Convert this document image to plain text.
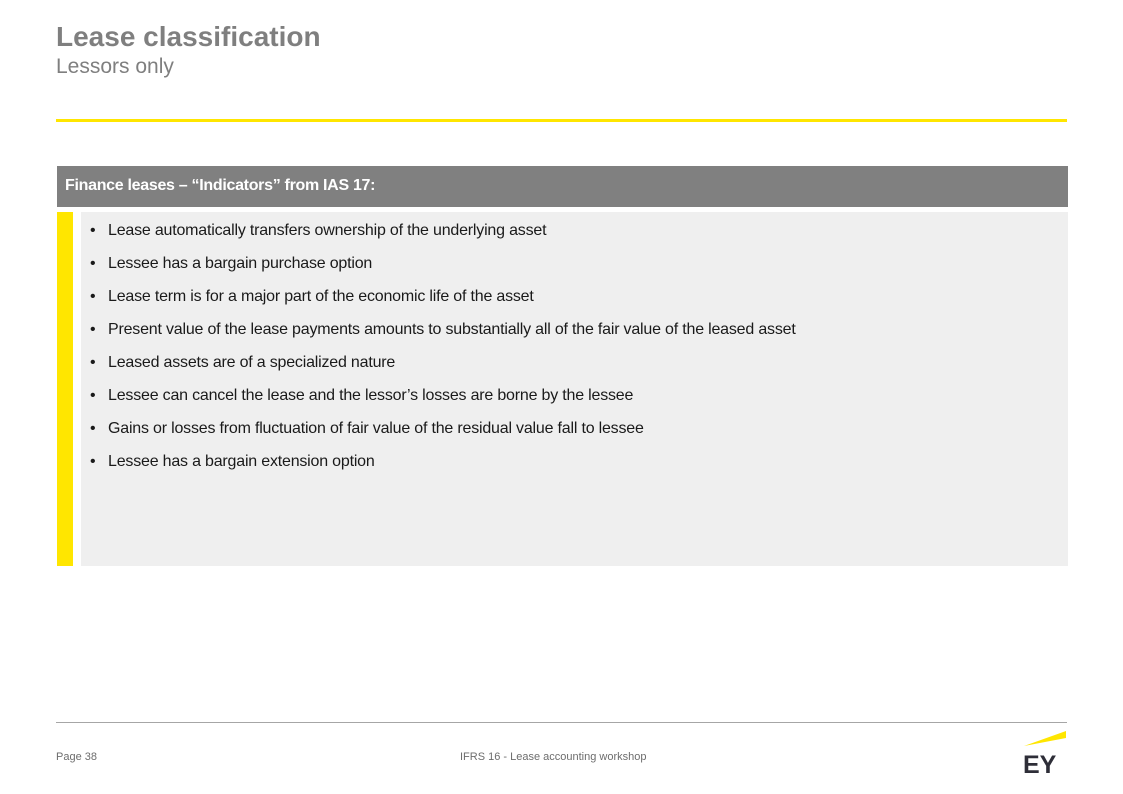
Lease classification
Lessors only
Finance leases – “Indicators” from IAS 17:
• Lease automatically transfers ownership of the underlying asset
• Lessee has a bargain purchase option
• Lease term is for a major part of the economic life of the asset
• Present value of the lease payments amounts to substantially all of the fair value of the leased asset
• Leased assets are of a specialized nature
• Lessee can cancel the lease and the lessor’s losses are borne by the lessee
• Gains or losses from fluctuation of fair value of the residual value fall to lessee
• Lessee has a bargain extension option
Page 38	IFRS 16 - Lease accounting workshop	EY
